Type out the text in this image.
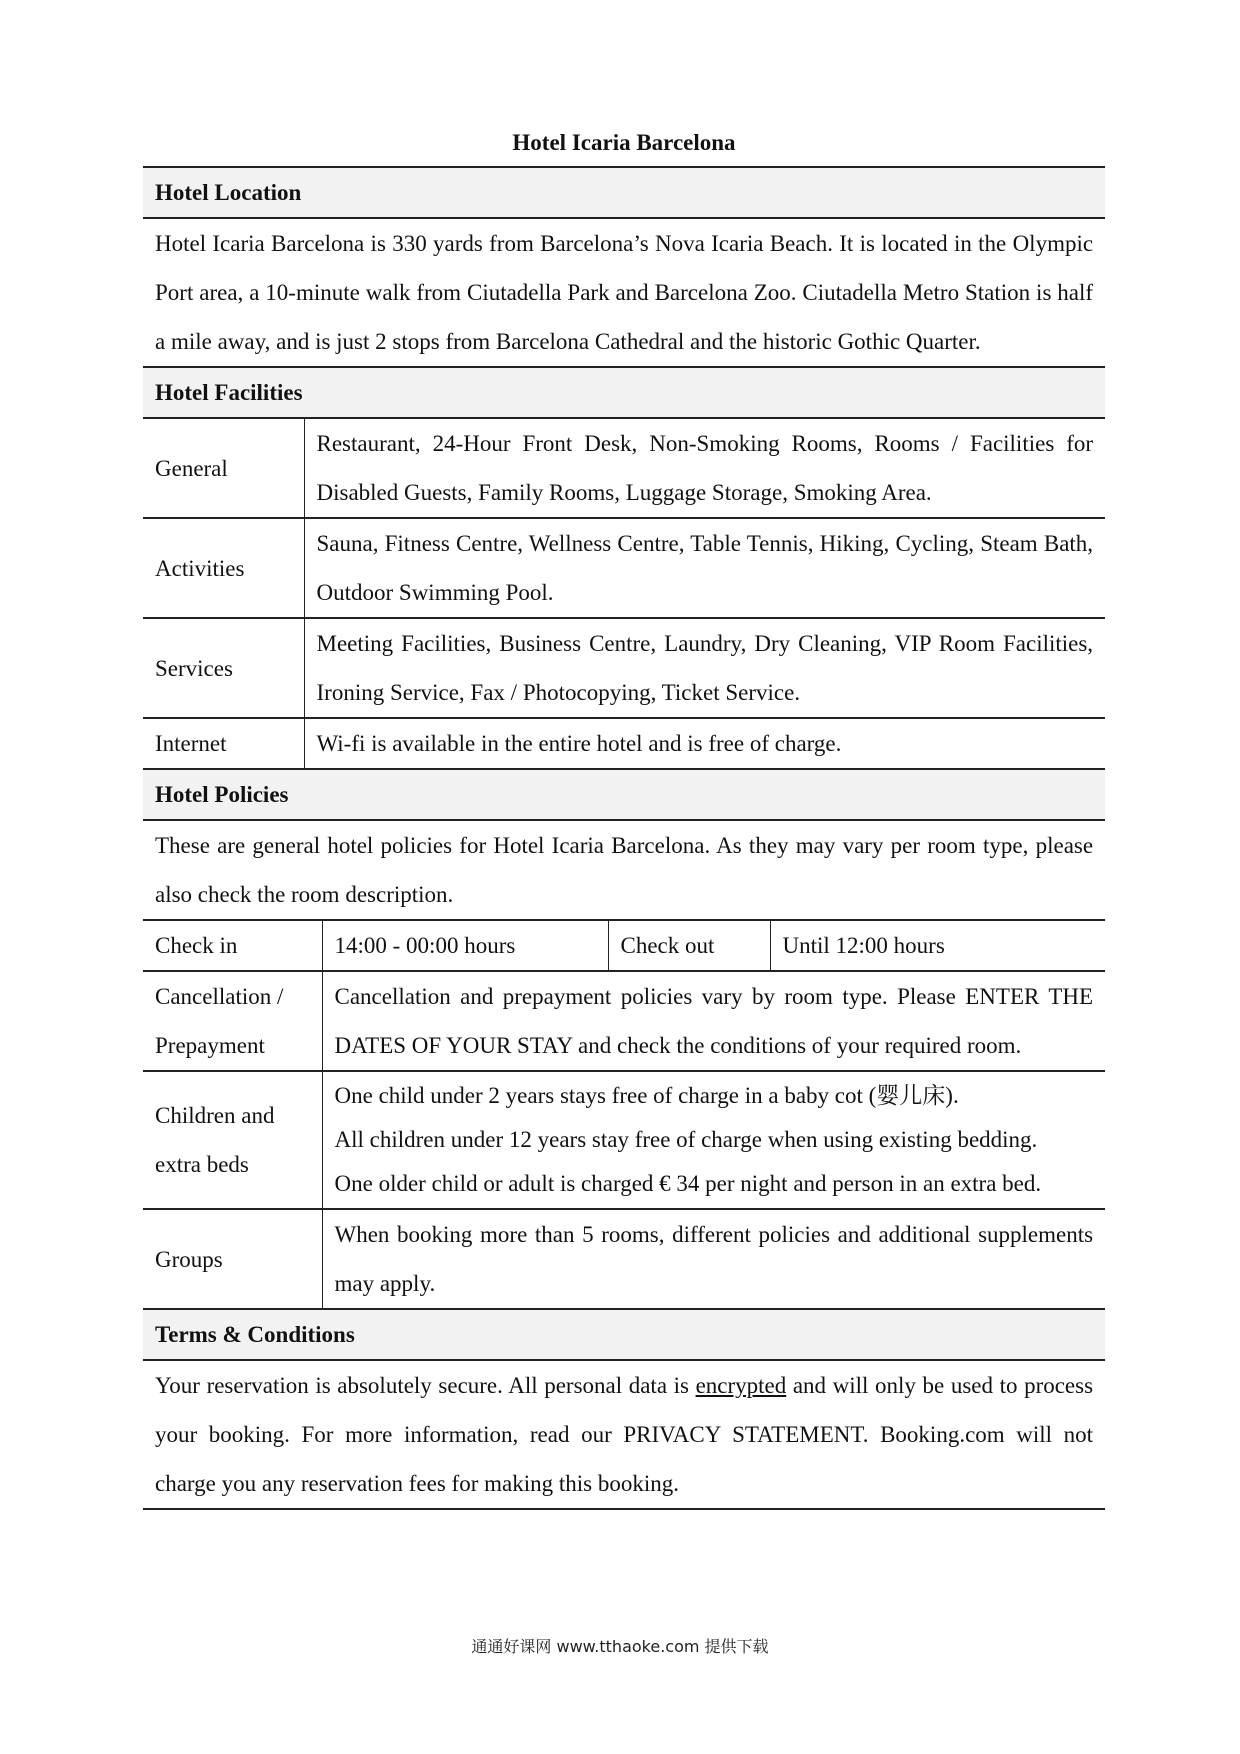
Hotel Icaria Barcelona
Hotel Location				
Hotel Icaria Barcelona is 330 yards from Barcelona’s Nova Icaria Beach. It is located in the Olympic Port area, a 10-minute walk from Ciutadella Park and Barcelona Zoo. Ciutadella Metro Station is half a mile away, and is just 2 stops from Barcelona Cathedral and the historic Gothic Quarter.				
Hotel Facilities				
General	Restaurant, 24-Hour Front Desk, Non-Smoking Rooms, Rooms / Facilities for Disabled Guests, Family Rooms, Luggage Storage, Smoking Area.			
Activities	Sauna, Fitness Centre, Wellness Centre, Table Tennis, Hiking, Cycling, Steam Bath, Outdoor Swimming Pool.			
Services	Meeting Facilities, Business Centre, Laundry, Dry Cleaning, VIP Room Facilities, Ironing Service, Fax / Photocopying, Ticket Service.			
Internet	Wi-fi is available in the entire hotel and is free of charge.			
Hotel Policies				
These are general hotel policies for Hotel Icaria Barcelona. As they may vary per room type, please also check the room description.				
Check in		14:00 - 00:00 hours	Check out	Until 12:00 hours
Cancellation / Prepayment		Cancellation and prepayment policies vary by room type. Please ENTER THE DATES OF YOUR STAY and check the conditions of your required room.		
Children and extra beds		One child under 2 years stays free of charge in a baby cot (婴儿床).
All children under 12 years stay free of charge when using existing bedding.
One older child or adult is charged € 34 per night and person in an extra bed.		

Groups		When booking more than 5 rooms, different policies and additional supplements may apply.		
Terms & Conditions				
Your reservation is absolutely secure. All personal data is encrypted and will only be used to process your booking. For more information, read our PRIVACY STATEMENT. Booking.com will not charge you any reservation fees for making this booking.				
通通好课网 www.tthaoke.com 提供下载
